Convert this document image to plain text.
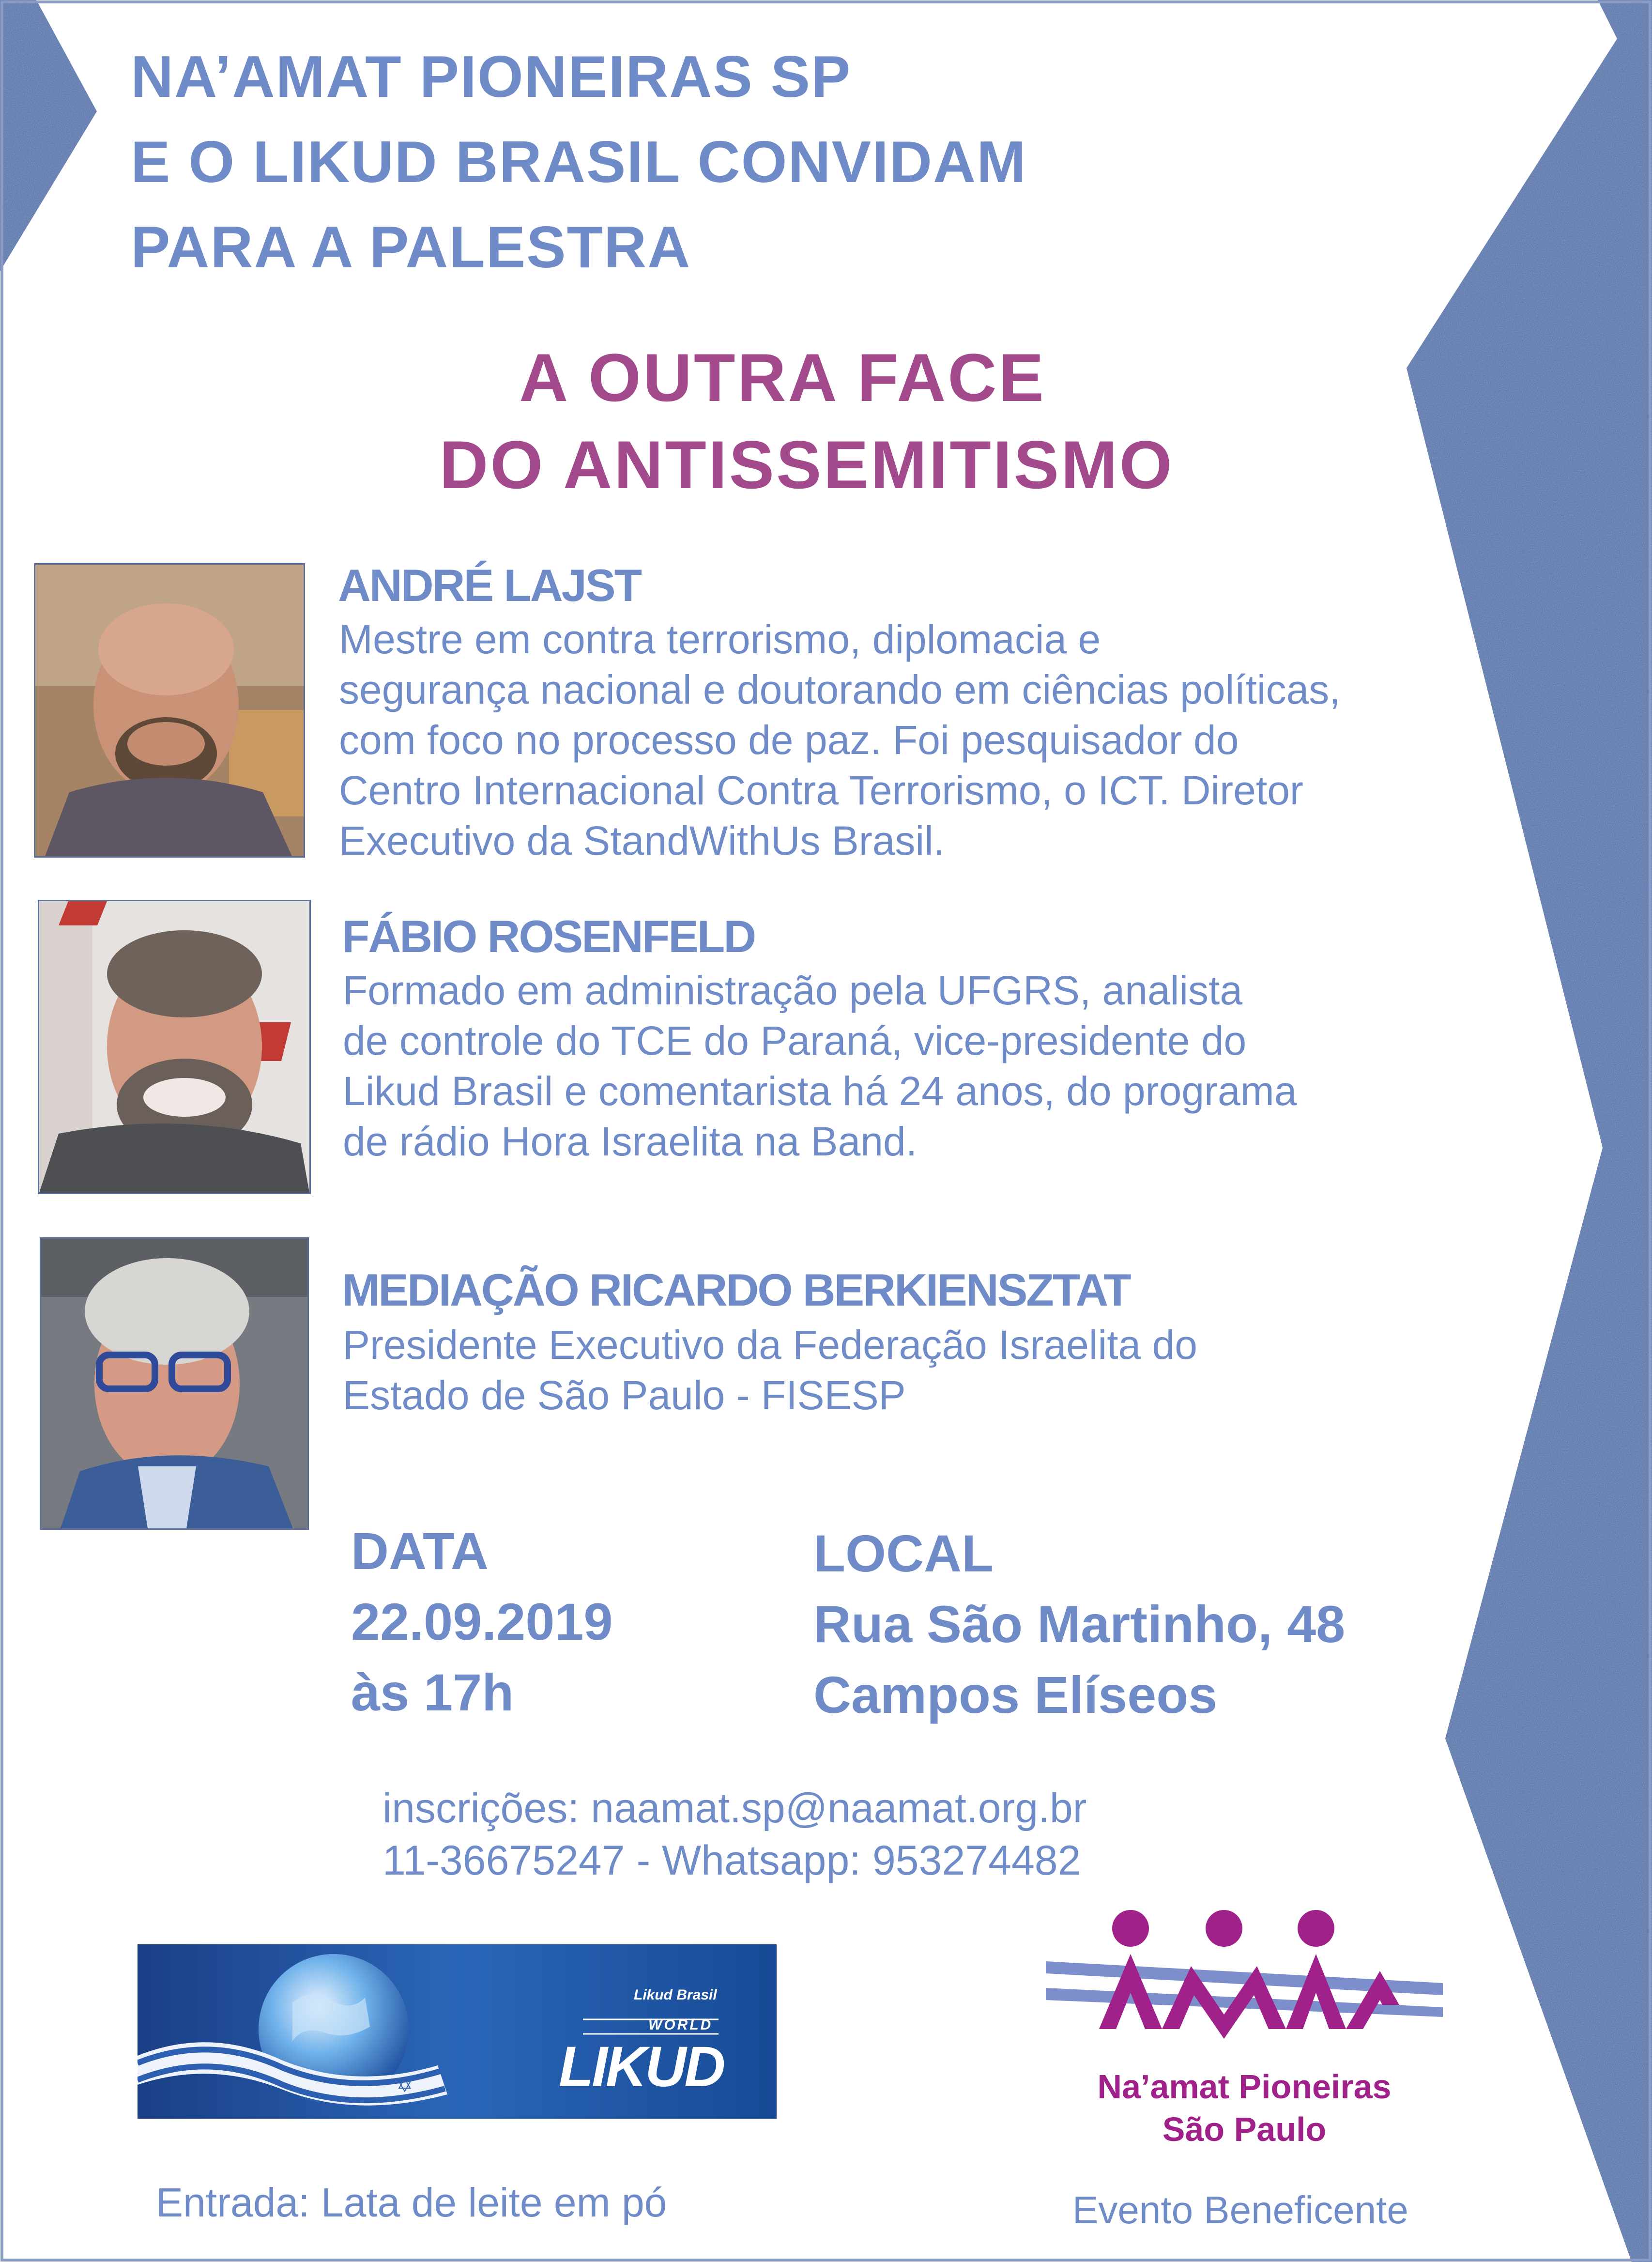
NA’AMAT PIONEIRAS SP
E O LIKUD BRASIL CONVIDAM
PARA A PALESTRA
A OUTRA FACE
DO ANTISSEMITISMO
ANDRÉ LAJST
Mestre em contra terrorismo, diplomacia e
segurança nacional e doutorando em ciências políticas,
com foco no processo de paz. Foi pesquisador do
Centro Internacional Contra Terrorismo, o ICT. Diretor
Executivo da StandWithUs Brasil.
FÁBIO ROSENFELD
Formado em administração pela UFGRS, analista
de controle do TCE do Paraná, vice-presidente do
Likud Brasil e comentarista há 24 anos, do programa
de rádio Hora Israelita na Band.
MEDIAÇÃO RICARDO BERKIENSZTAT
Presidente Executivo da Federação Israelita do
Estado de São Paulo - FISESP
DATA
22.09.2019
às 17h
LOCAL
Rua São Martinho, 48
Campos Elíseos
inscrições: naamat.sp@naamat.org.br
11-36675247 - Whatsapp: 953274482
✡
Likud Brasil
WORLD
LIKUD	Na’amat Pioneiras
São Paulo
Entrada: Lata de leite em pó	Evento Beneficente
